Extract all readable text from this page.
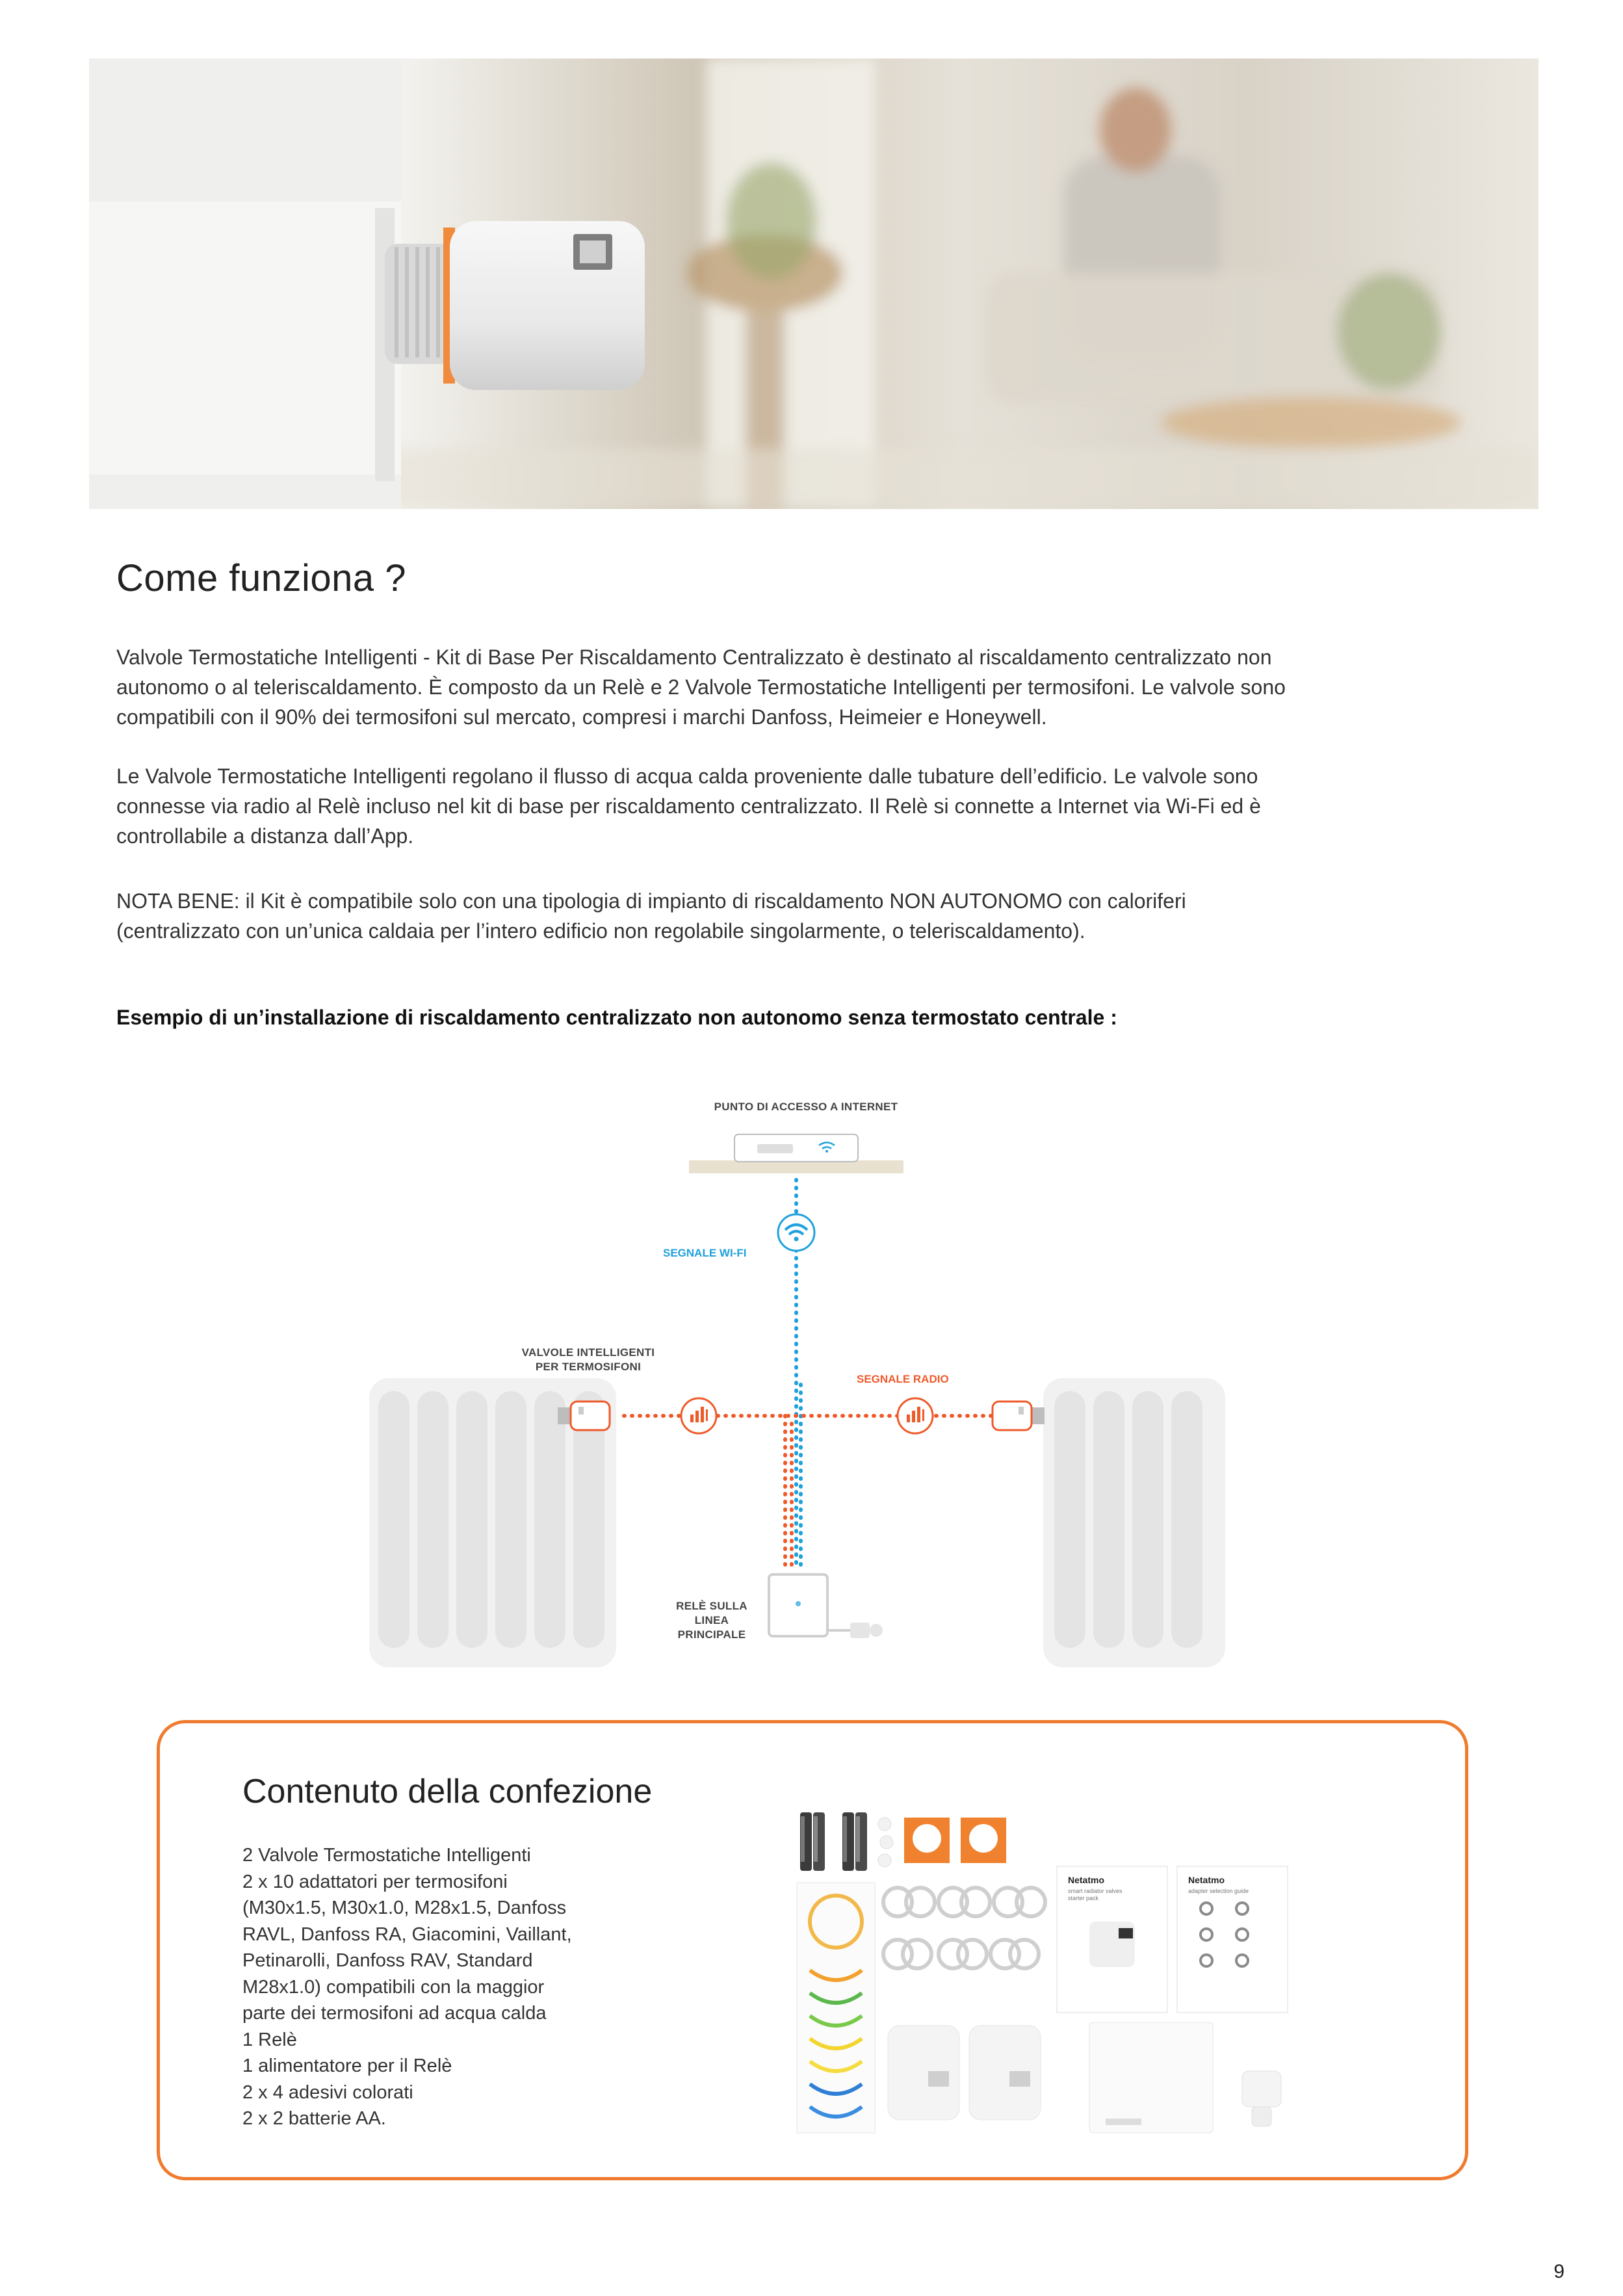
Come funziona ?
Valvole Termostatiche Intelligenti - Kit di Base Per Riscaldamento Centralizzato è destinato al riscaldamento centralizzato non
autonomo o al teleriscaldamento. È composto da un Relè e 2 Valvole Termostatiche Intelligenti per termosifoni. Le valvole sono
compatibili con il 90% dei termosifoni sul mercato, compresi i marchi Danfoss, Heimeier e Honeywell.
Le Valvole Termostatiche Intelligenti regolano il flusso di acqua calda proveniente dalle tubature dell’edificio. Le valvole sono
connesse via radio al Relè incluso nel kit di base per riscaldamento centralizzato. Il Relè si connette a Internet via Wi-Fi ed è
controllabile a distanza dall’App.
NOTA BENE: il Kit è compatibile solo con una tipologia di impianto di riscaldamento NON AUTONOMO con caloriferi
(centralizzato con un’unica caldaia per l’intero edificio non regolabile singolarmente, o teleriscaldamento).
Esempio di un’installazione di riscaldamento centralizzato non autonomo senza termostato centrale :
PUNTO DI ACCESSO A INTERNET
SEGNALE WI-FI
VALVOLE INTELLIGENTI
PER TERMOSIFONI
SEGNALE RADIO
RELÈ SULLA
LINEA
PRINCIPALE
Contenuto della confezione
2 Valvole Termostatiche Intelligenti
2 x 10 adattatori per termosifoni
(M30x1.5, M30x1.0, M28x1.5, Danfoss
RAVL, Danfoss RA, Giacomini, Vaillant,
Petinarolli, Danfoss RAV, Standard
M28x1.0) compatibili con la maggior
parte dei termosifoni ad acqua calda
1 Relè
1 alimentatore per il Relè
2 x 4 adesivi colorati
2 x 2 batterie AA.
Netatmo
smart radiator valves
starter pack
21
Netatmo
adapter selection guide
9
